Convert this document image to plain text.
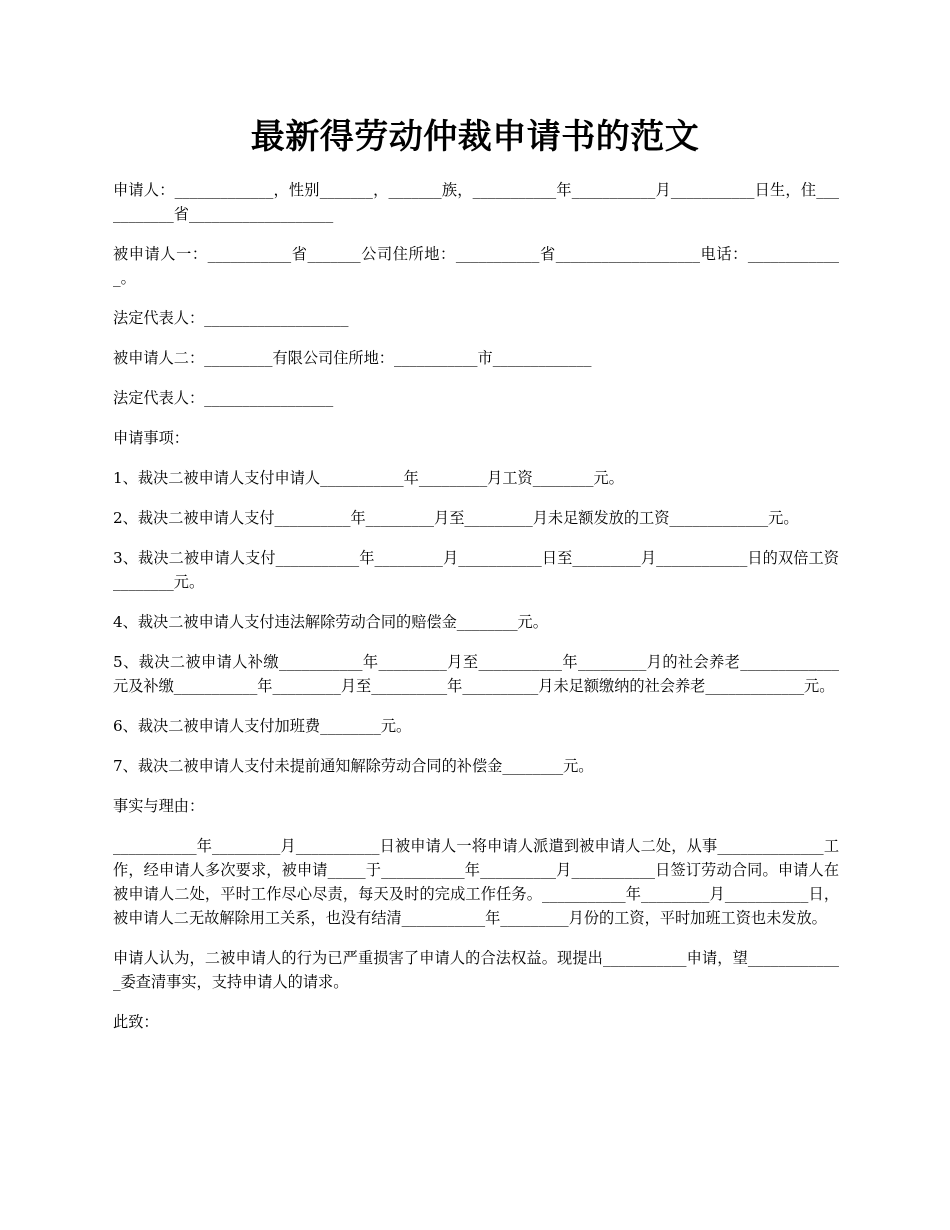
最新得劳动仲裁申请书的范文

申请人：_____________，性别_______，_______族，___________年___________月___________日生，住___________省___________________

被申请人一：___________省_______公司住所地：___________省___________________电话：_____________。

法定代表人：___________________

被申请人二：_________有限公司住所地：___________市_____________

法定代表人：_________________

申请事项：

1、裁决二被申请人支付申请人___________年_________月工资________元。

2、裁决二被申请人支付__________年_________月至_________月未足额发放的工资_____________元。

3、裁决二被申请人支付___________年_________月___________日至_________月____________日的双倍工资________元。

4、裁决二被申请人支付违法解除劳动合同的赔偿金________元。

5、裁决二被申请人补缴___________年_________月至___________年_________月的社会养老_____________元及补缴___________年_________月至__________年__________月未足额缴纳的社会养老_____________元。

6、裁决二被申请人支付加班费________元。

7、裁决二被申请人支付未提前通知解除劳动合同的补偿金________元。

事实与理由：

___________年_________月___________日被申请人一将申请人派遣到被申请人二处，从事______________工作，经申请人多次要求，被申请_____于___________年__________月___________日签订劳动合同。申请人在被申请人二处，平时工作尽心尽责，每天及时的完成工作任务。___________年_________月___________日，被申请人二无故解除用工关系，也没有结清___________年_________月份的工资，平时加班工资也未发放。

申请人认为，二被申请人的行为已严重损害了申请人的合法权益。现提出___________申请，望_____________委查清事实，支持申请人的请求。

此致：
